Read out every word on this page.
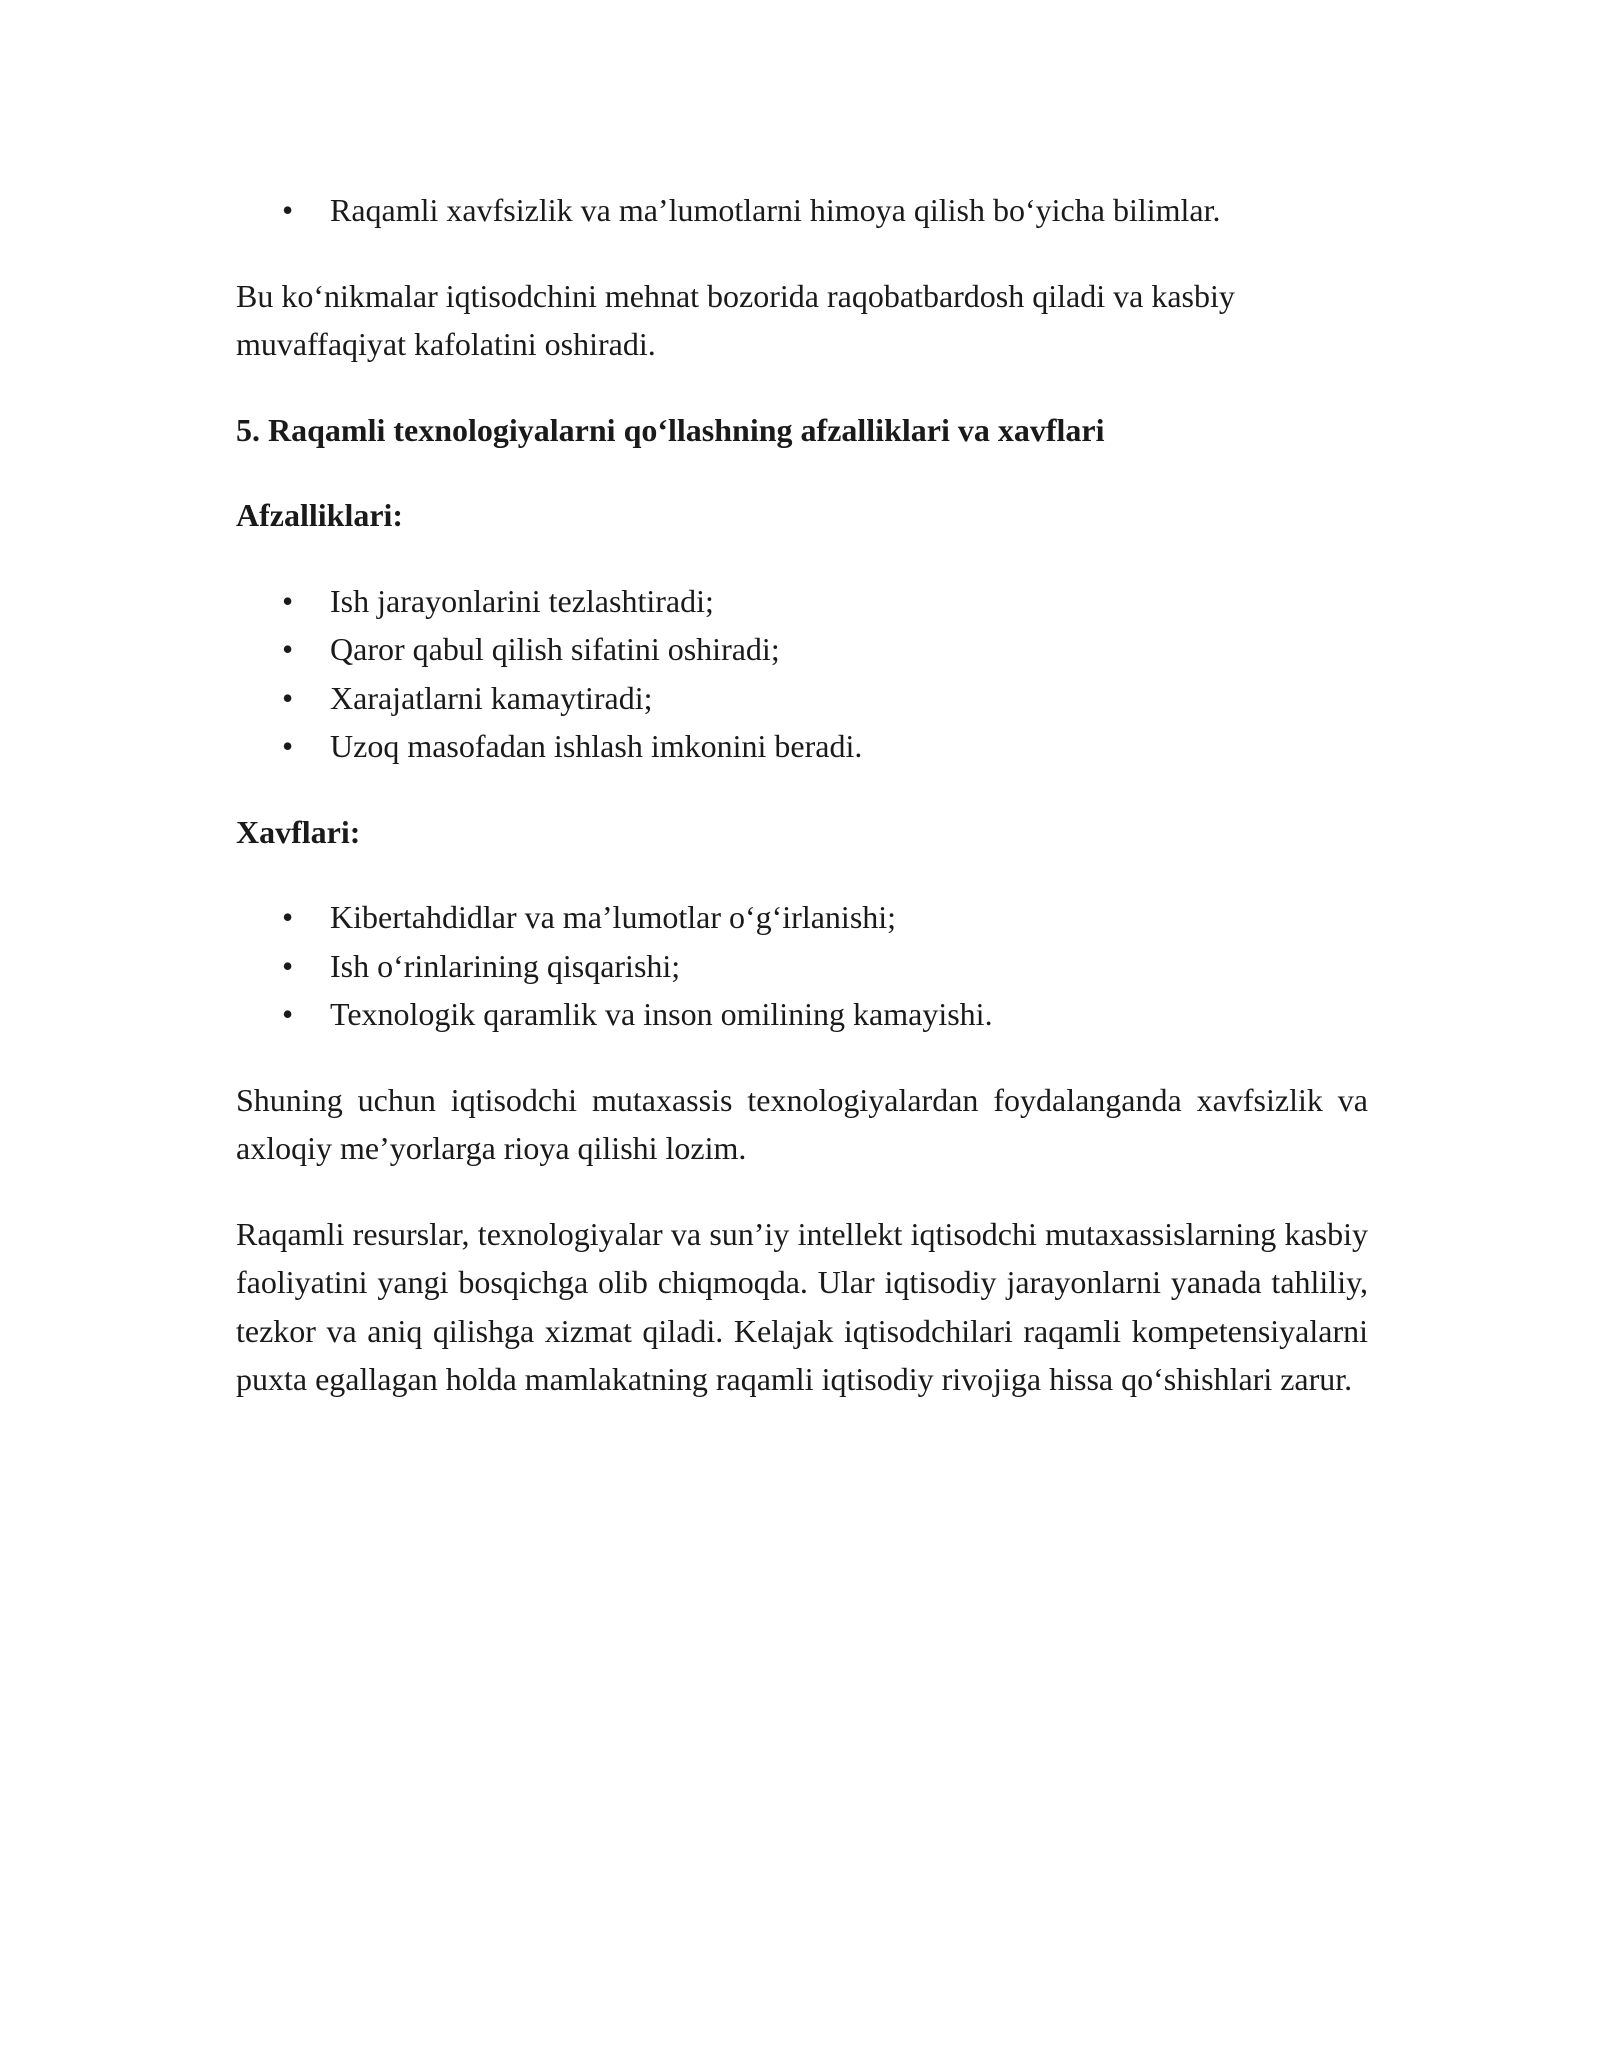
• Raqamli xavfsizlik va ma’lumotlarni himoya qilish bo‘yicha bilimlar.

Bu ko‘nikmalar iqtisodchini mehnat bozorida raqobatbardosh qiladi va kasbiy muvaffaqiyat kafolatini oshiradi.

5. Raqamli texnologiyalarni qo‘llashning afzalliklari va xavflari

Afzalliklari:

• Ish jarayonlarini tezlashtiradi;
• Qaror qabul qilish sifatini oshiradi;
• Xarajatlarni kamaytiradi;
• Uzoq masofadan ishlash imkonini beradi.

Xavflari:

• Kibertahdidlar va ma’lumotlar o‘g‘irlanishi;
• Ish o‘rinlarining qisqarishi;
• Texnologik qaramlik va inson omilining kamayishi.

Shuning uchun iqtisodchi mutaxassis texnologiyalardan foydalanganda xavfsizlik va axloqiy me’yorlarga rioya qilishi lozim.

Raqamli resurslar, texnologiyalar va sun’iy intellekt iqtisodchi mutaxassislarning kasbiy faoliyatini yangi bosqichga olib chiqmoqda. Ular iqtisodiy jarayonlarni yanada tahliliy, tezkor va aniq qilishga xizmat qiladi. Kelajak iqtisodchilari raqamli kompetensiyalarni puxta egallagan holda mamlakatning raqamli iqtisodiy rivojiga hissa qo‘shishlari zarur.
